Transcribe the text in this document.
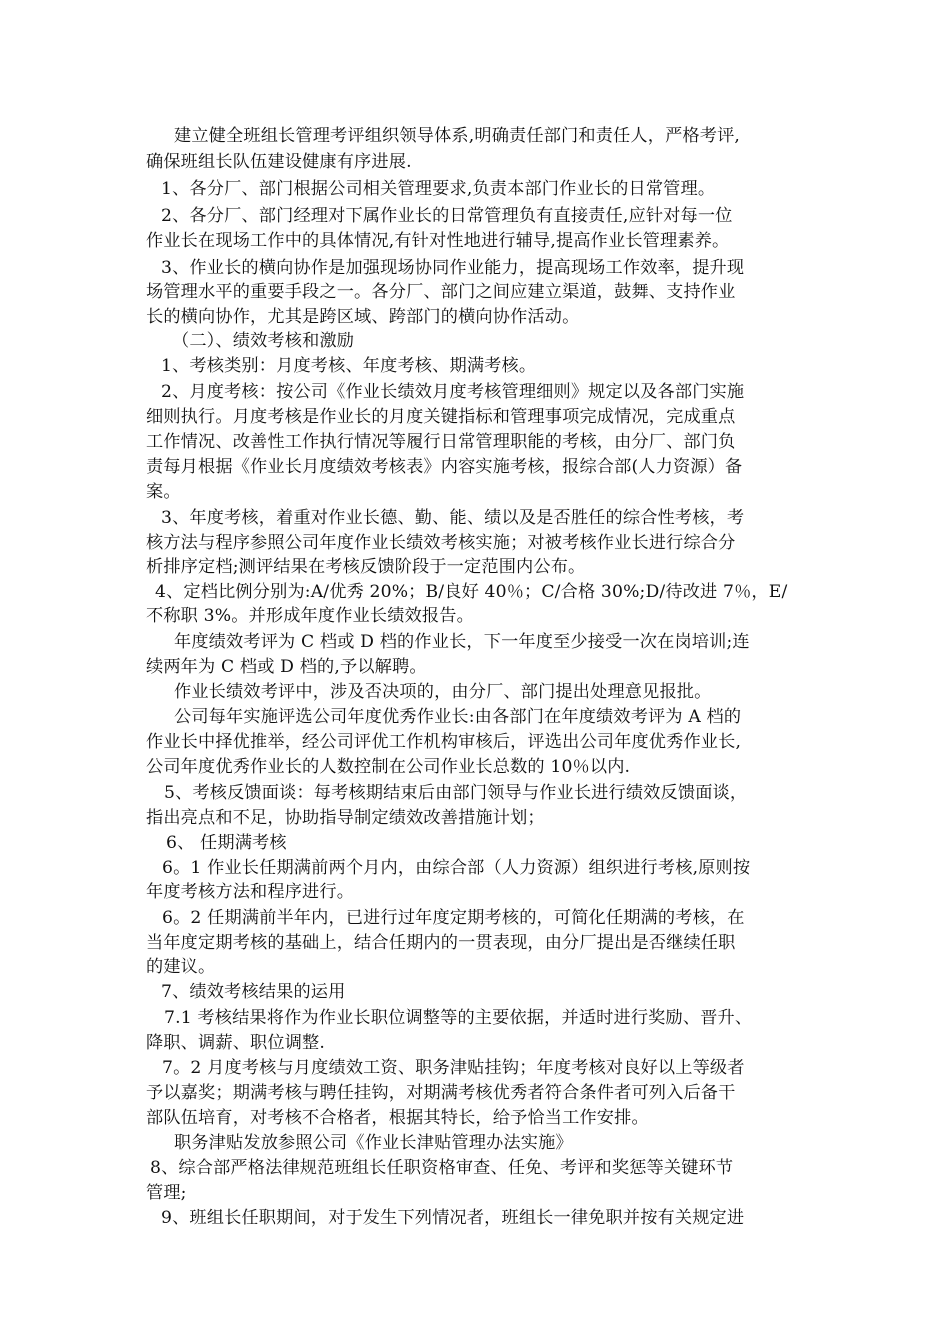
建立健全班组长管理考评组织领导体系,明确责任部门和责任人，严格考评,
确保班组长队伍建设健康有序进展.
1、各分厂、部门根据公司相关管理要求,负责本部门作业长的日常管理。
2、各分厂、部门经理对下属作业长的日常管理负有直接责任,应针对每一位
作业长在现场工作中的具体情况,有针对性地进行辅导,提高作业长管理素养。
3、作业长的横向协作是加强现场协同作业能力，提高现场工作效率，提升现
场管理水平的重要手段之一。各分厂、部门之间应建立渠道，鼓舞、支持作业
长的横向协作，尤其是跨区域、跨部门的横向协作活动。
（二）、绩效考核和激励
1、考核类别：月度考核、年度考核、期满考核。
2、月度考核：按公司《作业长绩效月度考核管理细则》规定以及各部门实施
细则执行。月度考核是作业长的月度关键指标和管理事项完成情况，完成重点
工作情况、改善性工作执行情况等履行日常管理职能的考核，由分厂、部门负
责每月根据《作业长月度绩效考核表》内容实施考核，报综合部(人力资源）备
案。
3、年度考核，着重对作业长德、勤、能、绩以及是否胜任的综合性考核，考
核方法与程序参照公司年度作业长绩效考核实施；对被考核作业长进行综合分
析排序定档;测评结果在考核反馈阶段于一定范围内公布。
4、定档比例分别为:A/优秀 20%；B/良好 40％；C/合格 30%;D/待改进 7％，E/
不称职 3%。并形成年度作业长绩效报告。
年度绩效考评为 C 档或 D 档的作业长，下一年度至少接受一次在岗培训;连
续两年为 C 档或 D 档的,予以解聘。
作业长绩效考评中，涉及否决项的，由分厂、部门提出处理意见报批。
公司每年实施评选公司年度优秀作业长:由各部门在年度绩效考评为 A 档的
作业长中择优推举，经公司评优工作机构审核后，评选出公司年度优秀作业长,
公司年度优秀作业长的人数控制在公司作业长总数的 10％以内.
5、考核反馈面谈：每考核期结束后由部门领导与作业长进行绩效反馈面谈，
指出亮点和不足，协助指导制定绩效改善措施计划；
6、 任期满考核
6。1 作业长任期满前两个月内，由综合部（人力资源）组织进行考核,原则按
年度考核方法和程序进行。
6。2 任期满前半年内，已进行过年度定期考核的，可简化任期满的考核，在
当年度定期考核的基础上，结合任期内的一贯表现，由分厂提出是否继续任职
的建议。
7、绩效考核结果的运用
7.1 考核结果将作为作业长职位调整等的主要依据，并适时进行奖励、晋升、
降职、调薪、职位调整.
7。2 月度考核与月度绩效工资、职务津贴挂钩；年度考核对良好以上等级者
予以嘉奖；期满考核与聘任挂钩，对期满考核优秀者符合条件者可列入后备干
部队伍培育，对考核不合格者，根据其特长，给予恰当工作安排。
职务津贴发放参照公司《作业长津贴管理办法实施》
8、综合部严格法律规范班组长任职资格审查、任免、考评和奖惩等关键环节
管理;
9、班组长任职期间，对于发生下列情况者，班组长一律免职并按有关规定进
